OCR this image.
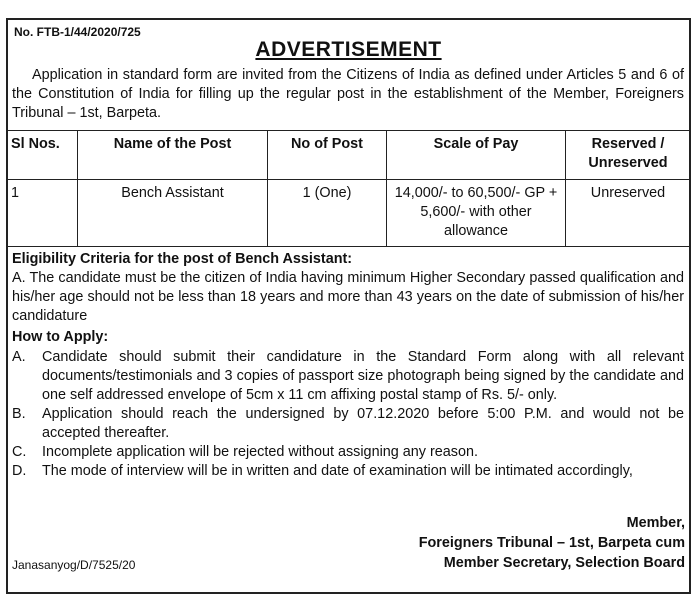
No. FTB-1/44/2020/725
ADVERTISEMENT
Application in standard form are invited from the Citizens of India as defined under Articles 5 and 6 of the Constitution of India for filling up the regular post in the establishment of the Member, Foreigners Tribunal – 1st, Barpeta.
Sl Nos.	Name of the Post	No of Post	Scale of Pay	Reserved / Unreserved
1	Bench Assistant	1 (One)	14,000/- to 60,500/- GP + 5,600/- with other allowance	Unreserved

Eligibility Criteria for the post of Bench Assistant:

A. The candidate must be the citizen of India having minimum Higher Secondary passed qualification and his/her age should not be less than 18 years and more than 43 years on the date of submission of his/her candidature

How to Apply:
A.	Candidate should submit their candidature in the Standard Form along with all relevant documents/testimonials and 3 copies of passport size photograph being signed by the candidate and one self addressed envelope of 5cm x 11 cm affixing postal stamp of Rs. 5/- only.
B.	Application should reach the undersigned by 07.12.2020 before 5:00 P.M. and would not be accepted thereafter.
C.	Incomplete application will be rejected without assigning any reason.
D.	The mode of interview will be in written and date of examination will be intimated accordingly,
Member,
Foreigners Tribunal – 1st, Barpeta cum
Member Secretary, Selection Board
Janasanyog/D/7525/20
